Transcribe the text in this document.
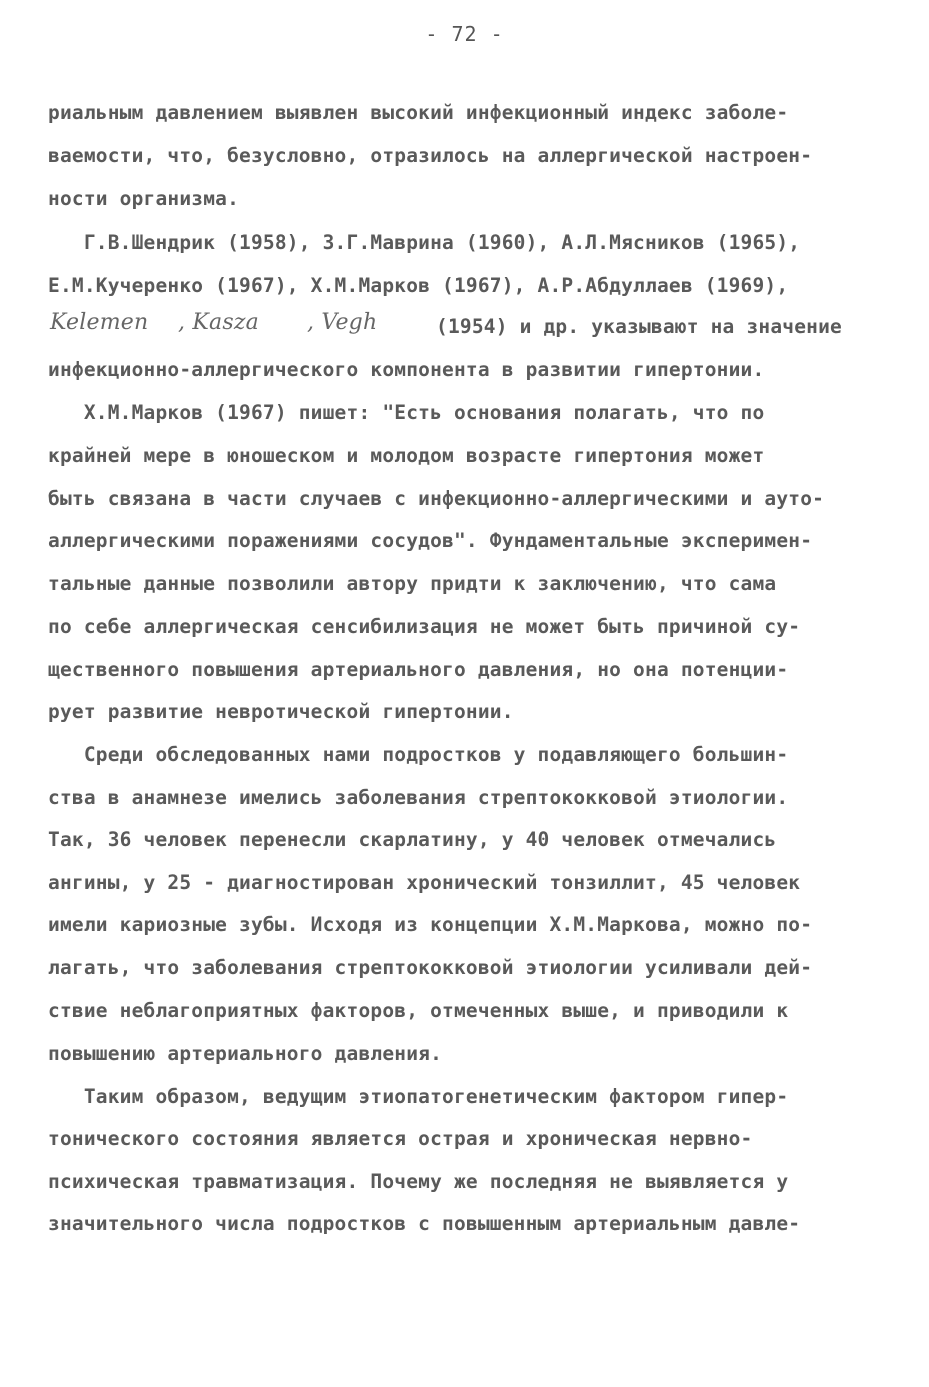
- 72 -
риальным давлением выявлен высокий инфекционный индекс заболе-
ваемости, что, безусловно, отразилось на аллергической настроен-
ности организма.
Г.В.Шендрик (1958), З.Г.Маврина (1960), А.Л.Мясников (1965),
Е.М.Кучеренко (1967), Х.М.Марков (1967), А.Р.Абдуллаев (1969),
Kelemen , Kasza , Vegh	(1954) и др. указывают на значение
инфекционно-аллергического компонента в развитии гипертонии.
Х.М.Марков (1967) пишет: "Есть основания полагать, что по
крайней мере в юношеском и молодом возрасте гипертония может
быть связана в части случаев с инфекционно-аллергическими и ауто-
аллергическими поражениями сосудов". Фундаментальные эксперимен-
тальные данные позволили автору придти к заключению, что сама
по себе аллергическая сенсибилизация не может быть причиной су-
щественного повышения артериального давления, но она потенции-
рует развитие невротической гипертонии.
Среди обследованных нами подростков у подавляющего большин-
ства в анамнезе имелись заболевания стрептококковой этиологии.
Так, 36 человек перенесли скарлатину, у 40 человек отмечались
ангины, у 25 - диагностирован хронический тонзиллит, 45 человек
имели кариозные зубы. Исходя из концепции Х.М.Маркова, можно по-
лагать, что заболевания стрептококковой этиологии усиливали дей-
ствие неблагоприятных факторов, отмеченных выше, и приводили к
повышению артериального давления.
Таким образом, ведущим этиопатогенетическим фактором гипер-
тонического состояния является острая и хроническая нервно-
психическая травматизация. Почему же последняя не выявляется у
значительного числа подростков с повышенным артериальным давле-
